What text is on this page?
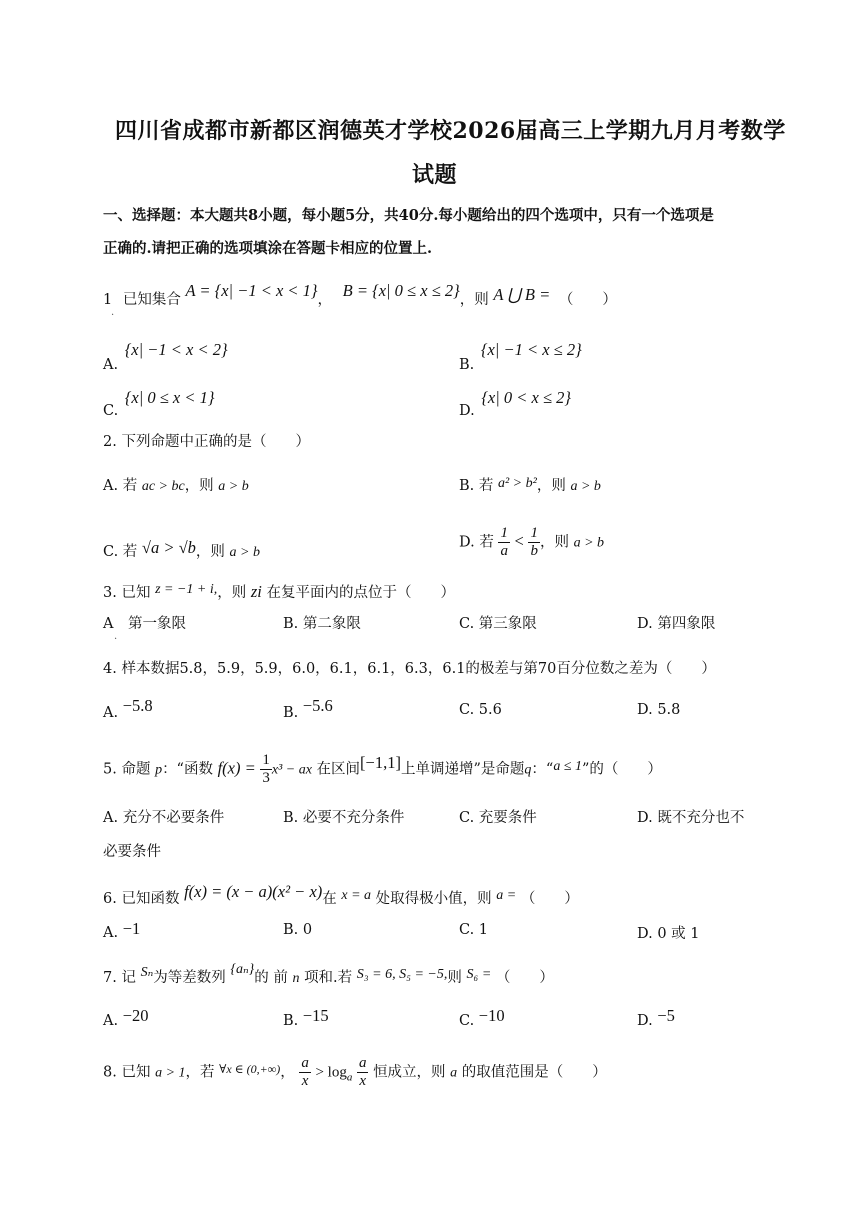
四川省成都市新都区润德英才学校2026届高三上学期九月月考数学
试题
一、选择题：本大题共8小题，每小题5分，共40分.每小题给出的四个选项中，只有一个选项是
正确的.请把正确的选项填涂在答题卡相应的位置上.
1 已知集合 A = {x| −1 < x < 1}， B = {x| 0 ≤ x ≤ 2}，则 A ⋃ B = （　　）
.
A. {x| −1 < x < 2}
B. {x| −1 < x ≤ 2}
C. {x| 0 ≤ x < 1}
D. {x| 0 < x ≤ 2}
2. 下列命题中正确的是（　　）
A. 若 ac > bc，则 a > b	B. 若 a² > b²，则 a > b
C. 若 √a > √b，则 a > b
D. 若 $\frac{1}{a} < \frac{1}{b}$ ，则 a > b
3. 已知 z = −1 + i,，则 zi 在复平面内的点位于（　　）
A　第一象限
.
B. 第二象限	C. 第三象限	D. 第四象限
4. 样本数据5.8，5.9，5.9，6.0，6.1，6.1，6.3，6.1的极差与第70百分位数之差为（　　）
A. −5.8	B. −5.6	C. 5.6	D. 5.8
5. 命题 p：“函数 $f(x) = \frac{1}{3} x^3$ − ax 在区间[−1,1]上单调递增”是命题q：“a ≤ 1”的（　　）
A. 充分不必要条件	B. 必要不充分条件	C. 充要条件	D. 既不充分也不
必要条件
6. 已知函数 f(x) = (x − a)(x² − x)在 x = a 处取得极小值，则 a = （　　）
A. −1	B. 0	C. 1	D. 0 或 1
7. 记 Sₙ为等差数列 {aₙ}的 前 n 项和.若 S₃ = 6, S₅ = −5,则 S₆ = （　　）
A. −20	B. −15	C. −10	D. −5
8. 已知 a > 1，若 $^{\forall x \in (0,+\infty)}$， $\frac{a}{x} > \log_a \frac{a}{x}$ 恒成立，则 a 的取值范围是（　　）
